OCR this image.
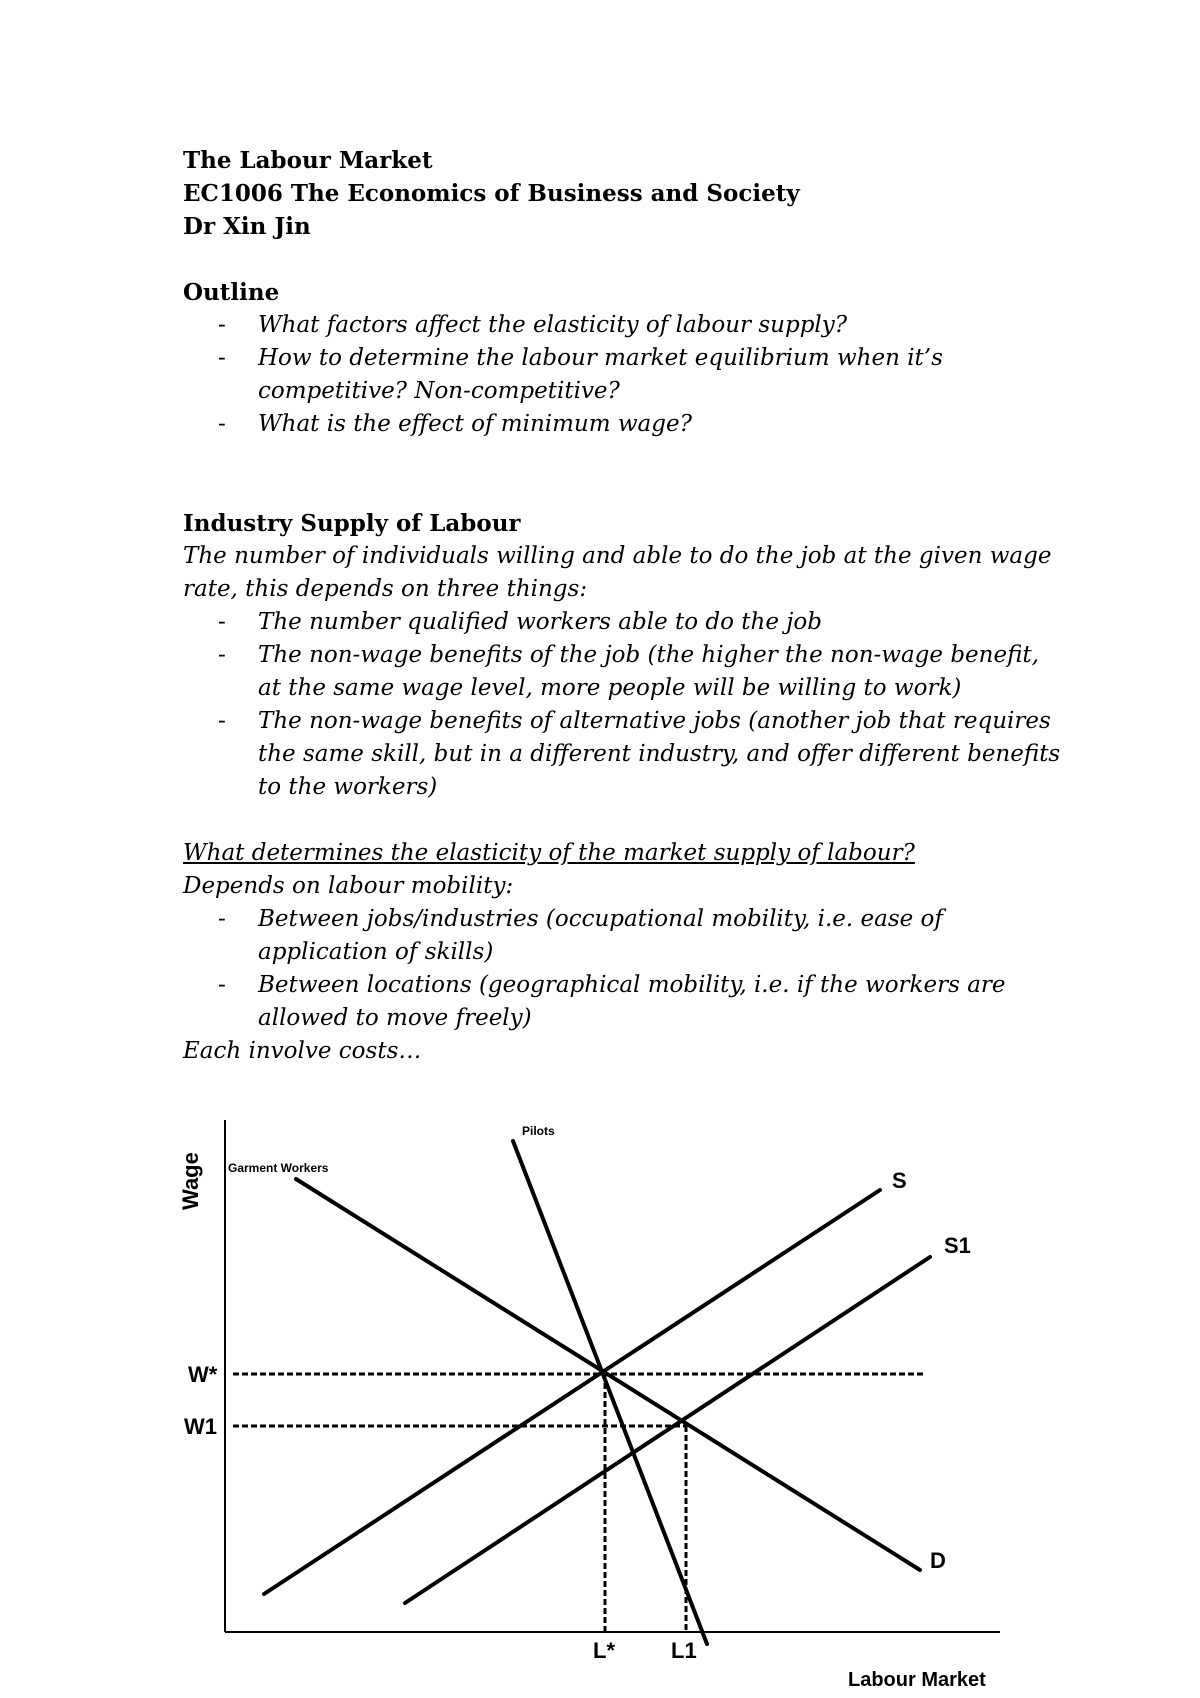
The Labour Market
EC1006 The Economics of Business and Society
Dr Xin Jin
Outline
- What factors affect the elasticity of labour supply?
- How to determine the labour market equilibrium when it’s competitive? Non-competitive?
- What is the effect of minimum wage?
Industry Supply of Labour
The number of individuals willing and able to do the job at the given wage rate, this depends on three things:
- The number qualified workers able to do the job
- The non-wage benefits of the job (the higher the non-wage benefit, at the same wage level, more people will be willing to work)
- The non-wage benefits of alternative jobs (another job that requires the same skill, but in a different industry, and offer different benefits to the workers)
What determines the elasticity of the market supply of labour?
Depends on labour mobility:
- Between jobs/industries (occupational mobility, i.e. ease of application of skills)
- Between locations (geographical mobility, i.e. if the workers are allowed to move freely)
Each involve costs…
Wage Garment Workers
Pilots
S
S1
D
W*
W1
L*	L1
Labour Market
